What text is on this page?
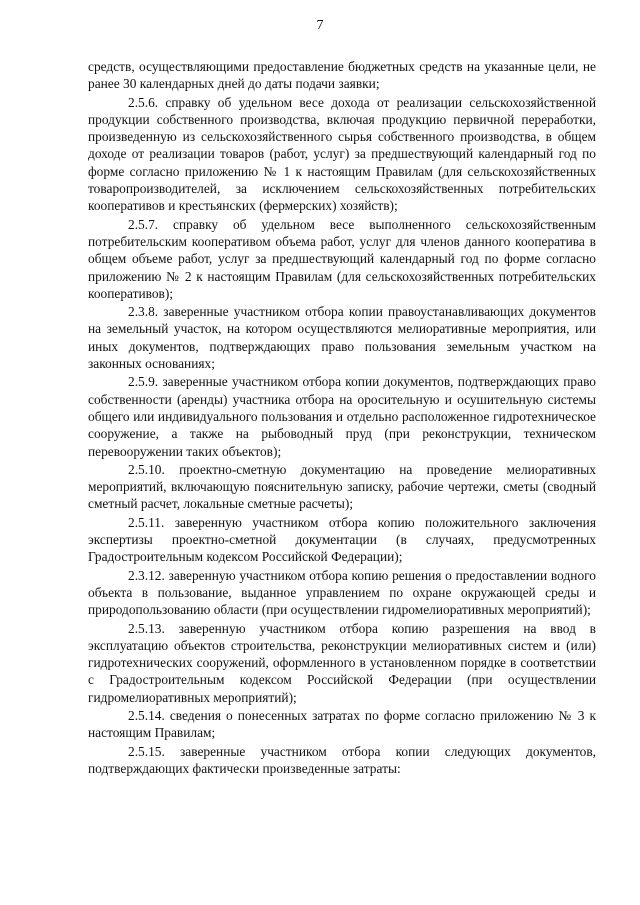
7

средств, осуществляющими предоставление бюджетных средств на указанные цели, не ранее 30 календарных дней до даты подачи заявки;

2.5.6. справку об удельном весе дохода от реализации сельскохозяйственной продукции собственного производства, включая продукцию первичной переработки, произведенную из сельскохозяйственного сырья собственного производства, в общем доходе от реализации товаров (работ, услуг) за предшествующий календарный год по форме согласно приложению № 1 к настоящим Правилам (для сельскохозяйственных товаропроизводителей, за исключением сельскохозяйственных потребительских кооперативов и крестьянских (фермерских) хозяйств);

2.5.7. справку об удельном весе выполненного сельскохозяйственным потребительским кооперативом объема работ, услуг для членов данного кооператива в общем объеме работ, услуг за предшествующий календарный год по форме согласно приложению № 2 к настоящим Правилам (для сельскохозяйственных потребительских кооперативов);

2.3.8. заверенные участником отбора копии правоустанавливающих документов на земельный участок, на котором осуществляются мелиоративные мероприятия, или иных документов, подтверждающих право пользования земельным участком на законных основаниях;

2.5.9. заверенные участником отбора копии документов, подтверждающих право собственности (аренды) участника отбора на оросительную и осушительную системы общего или индивидуального пользования и отдельно расположенное гидротехническое сооружение, а также на рыбоводный пруд (при реконструкции, техническом перевооружении таких объектов);

2.5.10. проектно-сметную документацию на проведение мелиоративных мероприятий, включающую пояснительную записку, рабочие чертежи, сметы (сводный сметный расчет, локальные сметные расчеты);

2.5.11. заверенную участником отбора копию положительного заключения экспертизы проектно-сметной документации (в случаях, предусмотренных Градостроительным кодексом Российской Федерации);

2.3.12. заверенную участником отбора копию решения о предоставлении водного объекта в пользование, выданное управлением по охране окружающей среды и природопользованию области (при осуществлении гидромелиоративных мероприятий);

2.5.13. заверенную участником отбора копию разрешения на ввод в эксплуатацию объектов строительства, реконструкции мелиоративных систем и (или) гидротехнических сооружений, оформленного в установленном порядке в соответствии с Градостроительным кодексом Российской Федерации (при осуществлении гидромелиоративных мероприятий);

2.5.14. сведения о понесенных затратах по форме согласно приложению № 3 к настоящим Правилам;

2.5.15. заверенные участником отбора копии следующих документов, подтверждающих фактически произведенные затраты:
